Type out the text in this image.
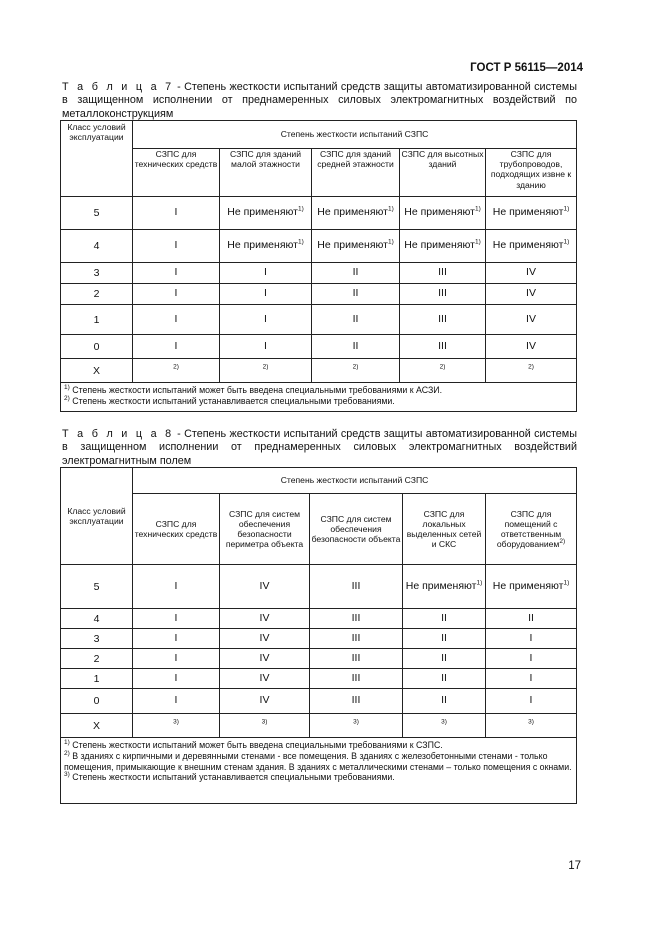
ГОСТ Р 56115—2014
Т а б л и ц а 7 - Степень жесткости испытаний средств защиты автоматизированной системы в защищенном исполнении от преднамеренных силовых электромагнитных воздействий по металлоконструкциям
Класс условий эксплуатации	Степень жесткости испытаний СЗПС				
	СЗПС для технических средств	СЗПС для зданий малой этажности	СЗПС для зданий средней этажности	СЗПС для высотных зданий	СЗПС для трубопроводов, подходящих извне к зданию
5	I	Не применяют$^{1)}$	Не применяют$^{1)}$	Не применяют$^{1)}$	Не применяют$^{1)}$
4	I	Не применяют$^{1)}$	Не применяют$^{1)}$	Не применяют$^{1)}$	Не применяют$^{1)}$
3	I	I	II	III	IV
2	I	I	II	III	IV
1	I	I	II	III	IV
0	I	I	II	III	IV
X	$^{2)}$	$^{2)}$	$^{2)}$	$^{2)}$	$^{2)}$

$^{1)}$ Степень жесткости испытаний может быть введена специальными требованиями к АСЗИ.
$^{2)}$ Степень жесткости испытаний устанавливается специальными требованиями.					
Т а б л и ц а 8 - Степень жесткости испытаний средств защиты автоматизированной системы в защищенном исполнении от преднамеренных силовых электромагнитных воздействий электромагнитным полем
Класс условий эксплуатации	Степень жесткости испытаний СЗПС				
	СЗПС для технических средств	СЗПС для систем обеспечения безопасности периметра объекта	СЗПС для систем обеспечения безопасности объекта	СЗПС для локальных выделенных сетей и СКС	СЗПС для помещений с ответственным оборудованием$^{2)}$
5	I	IV	III	Не применяют$^{1)}$	Не применяют$^{1)}$
4	I	IV	III	II	II
3	I	IV	III	II	I
2	I	IV	III	II	I
1	I	IV	III	II	I
0	I	IV	III	II	I
X	$^{3)}$	$^{3)}$	$^{3)}$	$^{3)}$	$^{3)}$

$^{1)}$ Степень жесткости испытаний может быть введена специальными требованиями к СЗПС.
$^{2)}$ В зданиях с кирпичными и деревянными стенами - все помещения. В зданиях с железобетонными стенами - только помещения, примыкающие к внешним стенам здания. В зданиях с металлическими стенами – только помещения с окнами.
$^{3)}$ Степень жесткости испытаний устанавливается специальными требованиями.					
17
